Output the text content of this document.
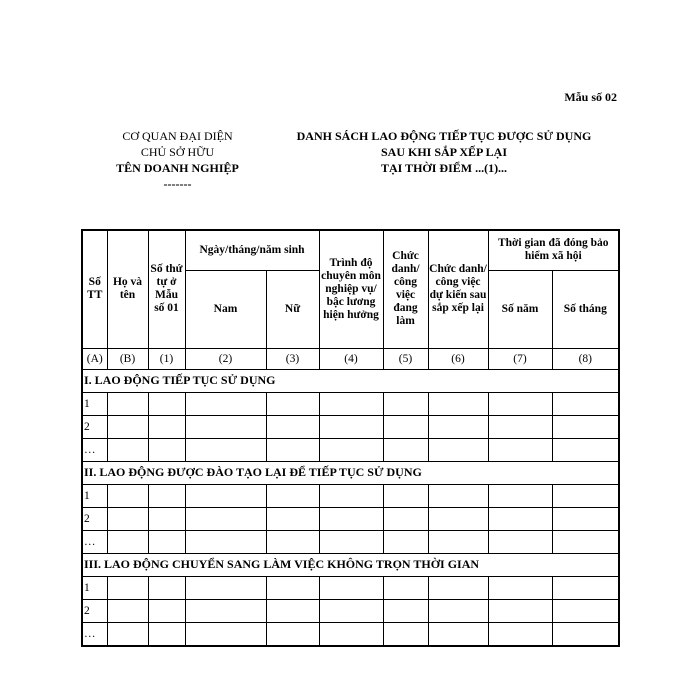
Mẫu số 02
CƠ QUAN ĐẠI DIỆN
CHỦ SỞ HỮU
TÊN DOANH NGHIỆP
-------
DANH SÁCH LAO ĐỘNG TIẾP TỤC ĐƯỢC SỬ DỤNG
SAU KHI SẮP XẾP LẠI
TẠI THỜI ĐIỂM ...(1)...
Số TT	Họ và tên	Số thứ tự ở Mẫu số 01	Ngày/tháng/năm sinh		Trình độ chuyên môn nghiệp vụ/ bậc lương hiện hưởng	Chức danh/ công việc đang làm	Chức danh/ công việc dự kiến sau sắp xếp lại	Thời gian đã đóng bảo hiểm xã hội	
			Nam	Nữ				Số năm	Số tháng
(A)	(B)	(1)	(2)	(3)	(4)	(5)	(6)	(7)	(8)
I. LAO ĐỘNG TIẾP TỤC SỬ DỤNG									
1									
2									
…									
II. LAO ĐỘNG ĐƯỢC ĐÀO TẠO LẠI ĐỂ TIẾP TỤC SỬ DỤNG									
1									
2									
…									
III. LAO ĐỘNG CHUYỂN SANG LÀM VIỆC KHÔNG TRỌN THỜI GIAN									
1									
2									
…									
